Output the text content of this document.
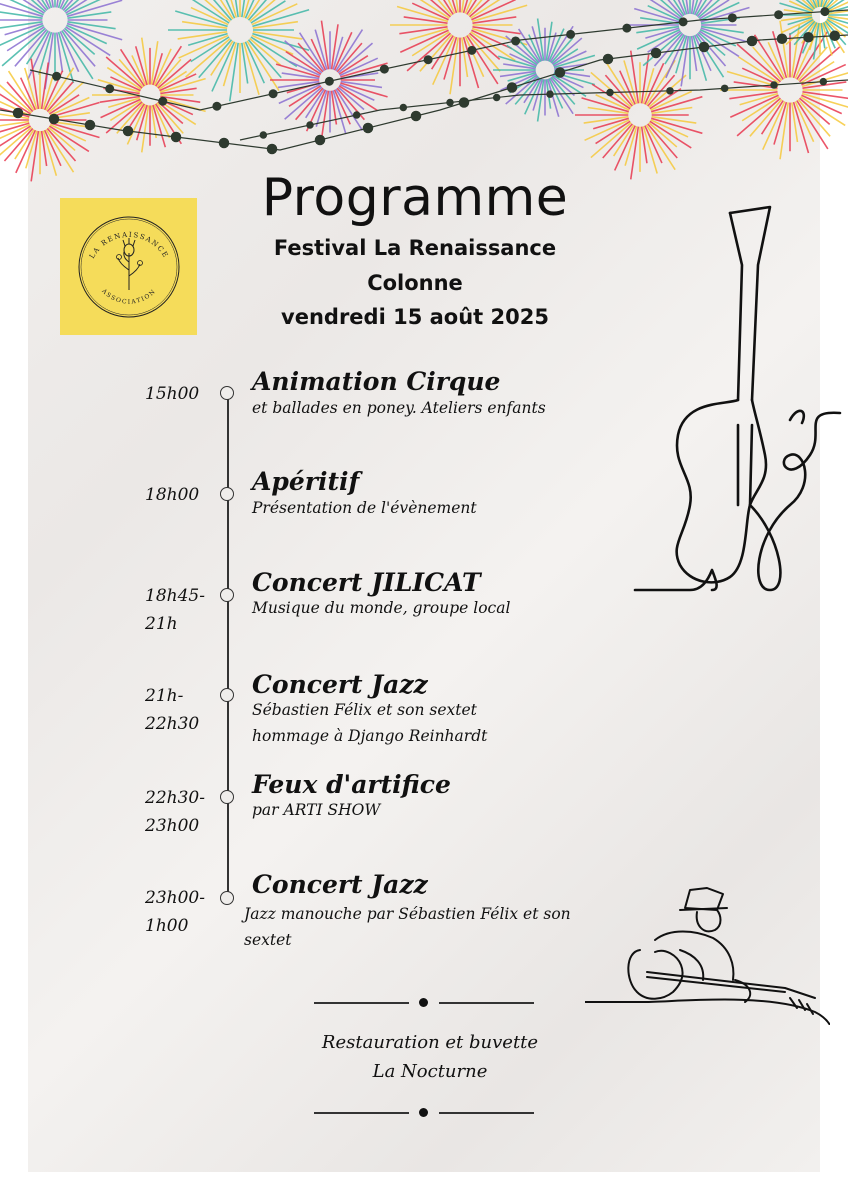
LA RENAISSANCE
ASSOCIATION
Programme
Festival La Renaissance
Colonne
vendredi 15 août 2025
15h00	Animation Cirque
et ballades en poney. Ateliers enfants
18h00	Apéritif
Présentation de l'évènement
18h45-
21h
Concert JILICAT
Musique du monde, groupe local
21h-
22h30
Concert Jazz
Sébastien Félix et son sextet
hommage à Django Reinhardt
22h30-
23h00
Feux d'artifice
par ARTI SHOW
23h00-
1h00
Concert Jazz
Jazz manouche par Sébastien Félix et son
sextet
Restauration et buvette
La Nocturne
